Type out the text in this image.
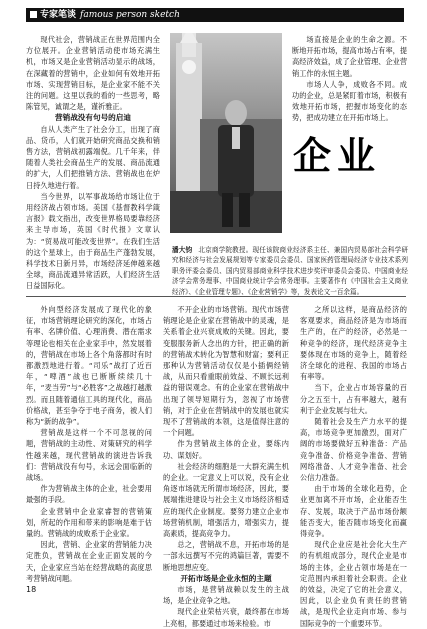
专家笔谈 famous person sketch

现代社会，营销战正在世界范围内全方位展开。企业营销活动使市场充满生机，市场又是企业营销活动显示的战场，在深藏着的营销中，企业如何有效地开拓市场、实现营销目标，是企业家不能不关注的问题。这里以我的看的一些思考，略陈管见，诚谓之是，谨祈雅正。

营销战没有句号的启迪

自从人类产生了社会分工，出现了商品、货币，人们就开始研究商品交换和销售方法，营销战初露端倪。几千年来，伴随着人类社会商品生产的发展、商品流通的扩大，人们把推销方法、营销战也在炉日持久地进行着。

当今世界，以军事战场给市场让位于用经济战占领市场。美国《基督教科学箴言报》载文指出，改变世界格局要靠经济来主导市场，英国《时代报》文章认为：“贸易战可能改变世界”。在我们生活的这个星球上，由于商品生产蓬勃发展，科学技术日新月异，市场经济延伸越来越全球，商品流通异常活跃，人们经济生活日益国际化。

场直接是企业的生命之源。不断地开拓市场，提高市场占有率，提高经济效益，成了企业管理、企业营销工作的永恒主题。

市场人人争，成败各不同。成功的企业，总是紧盯着市场，积极有效地开拓市场，把握市场变化的态势，把成功建立在开拓市场上。

企业
潘大钧 北京商学院教授。现任该院商业经济系主任、兼国内贸易部社会科学研究和经济与社会发展规划等专家委员会委员、国家医药管理局经济专业技术系列职务评委会委员、国内贸易部商业科学技术进步奖评审委员会委员、中国商业经济学会常务理事、中国商业统计学会常务理事。主要著作有《中国社会主义商业经济》、《企业管理专题》、《企业营销学》等，发表论文一百余篇。

外向型经济发展成了现代化的象征，市场营销理论研究的深化，市场占有率、名牌价值、心理消费、潜在需求等理论也相关在企业家手中，然发展着的，营销战在市场上各个角落都时有时都激烈地进行着。“司乐”战打了近百年，“啤酒”战也已断断续续几十年，“麦当劳”与“必胜客”之战越打越激烈。而且随着通信工具的现代化，商品价格战，甚至争夺于电子商务，被人们称为“新的战争”。

营销战是这样一个不可忽视的问题，营销战的主动性、对策研究的科学性越来越，现代营销战的演进告诉我们：营销战没有句号，永远会面临新的战场。

作为营销战主体的企业，社会要用最强的手段。

企业营销中企业家睿智的营销策划，所起的作用和带来的影响是难于估量的。营销战的成败系于企业家。

因此，营销、企业家的营销能力决定胜负，营销战在企业正面发展的今天，企业家应当站在经营战略的高度思考营销战问题。

不开企业的市场营销。现代市场营销理论是企业家在营销战中的灵魂，是关系着企业兴衰成败的关键。因此，要变服服务新人念出的方针，把正确的新的营销战术转化为智慧和财富；要利正那种认为营销活动仅仅是小插俩经销战，从而只看重眼前效益、不顾长远利益的错误观念。有的企业家在营销战中出现了领导短期行为，忽视了市场营销，对于企业在营销战中的发展也就实现不了营销战的本领，这是值得注意的一个问题。

作为营销战主体的企业，要练内功、谋划好。

社会经济的细胞是一大群充满生机的企业。一定意义上可以说，没有企业角逐市场就无所谓市场经济，因此，要展端推进建设与社会主义市场经济相适应的现代企业制度。要努力建立企业市场营销机制，增强活力，增强实力，提高素质，提高竞争力。

总之，营销战不息，开拓市场的是一部永远撰写不完的鸿篇巨著，需要不断地思想应变。

开拓市场是企业永恒的主题

市场，是营销战赖以发生的主战场，是企业竞争之地。

现代企业荣枯兴衰，最终都在市场上亮相，都要通过市场来检验。市

之所以这样，是商品经济的客观要求，商品经济是为市场而生产的，在产的经济，必然是一种竞争的经济，现代经济竞争主要体现在市场的竞争上，随着经济全球化的进程、我国的市场占有率等。

当下，企业占市场容量的百分之五至十，占有率越大，越有利于企业发展与壮大。

随着社会及生产力水平的提高，市场竞争更加激烈，面对广阔的市场要做好五种准备：产品竞争准备、价格竞争准备、营销网络准备、人才竞争准备、社会公信力准备。

由于市场的全球化趋势，企业更加离不开市场，企业能否生存、发展，取决于产品市场份额能否变大，能否随市场变化而赢得竞争。

现代企业应是社会化大生产的有机组成部分，现代企业是市场的主体，企业占领市场是在一定范围内承担着社会职责。企业的效益，决定了它的社会意义，因此，以企业负有责任的营销战，是现代企业走向市场、参与国际竞争的一个重要环节。

18
